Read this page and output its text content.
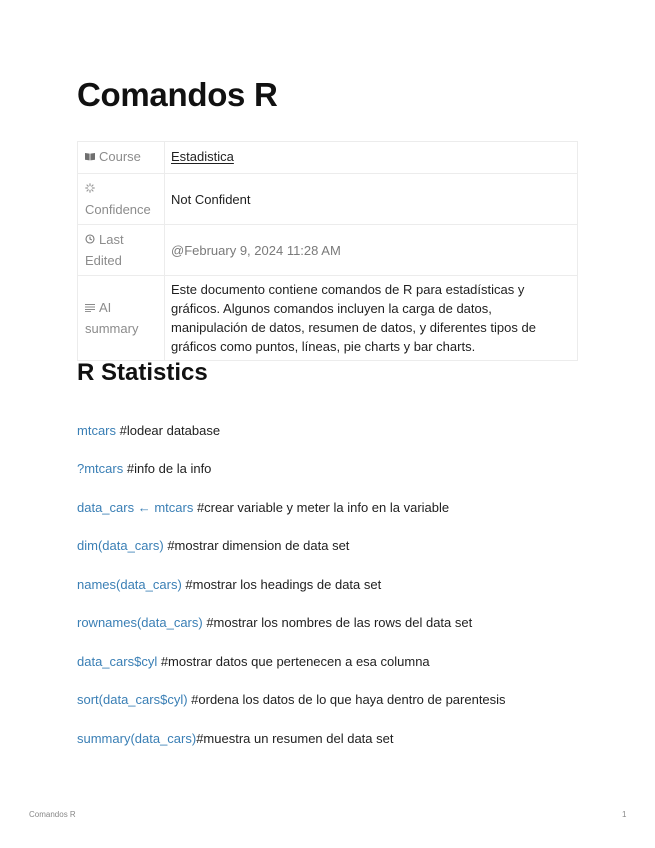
Comandos R
Course	Estadistica

Confidence	Not Confident
Last Edited	@February 9, 2024 11:28 AM
AI summary	Este documento contiene comandos de R para estadísticas y gráficos. Algunos comandos incluyen la carga de datos, manipulación de datos, resumen de datos, y diferentes tipos de gráficos como puntos, líneas, pie charts y bar charts.
R Statistics
mtcars #lodear database
?mtcars #info de la info
data_cars ← mtcars #crear variable y meter la info en la variable
dim(data_cars) #mostrar dimension de data set
names(data_cars) #mostrar los headings de data set
rownames(data_cars) #mostrar los nombres de las rows del data set
data_cars$cyl #mostrar datos que pertenecen a esa columna
sort(data_cars$cyl) #ordena los datos de lo que haya dentro de parentesis
summary(data_cars)#muestra un resumen del data set
Comandos R	1
